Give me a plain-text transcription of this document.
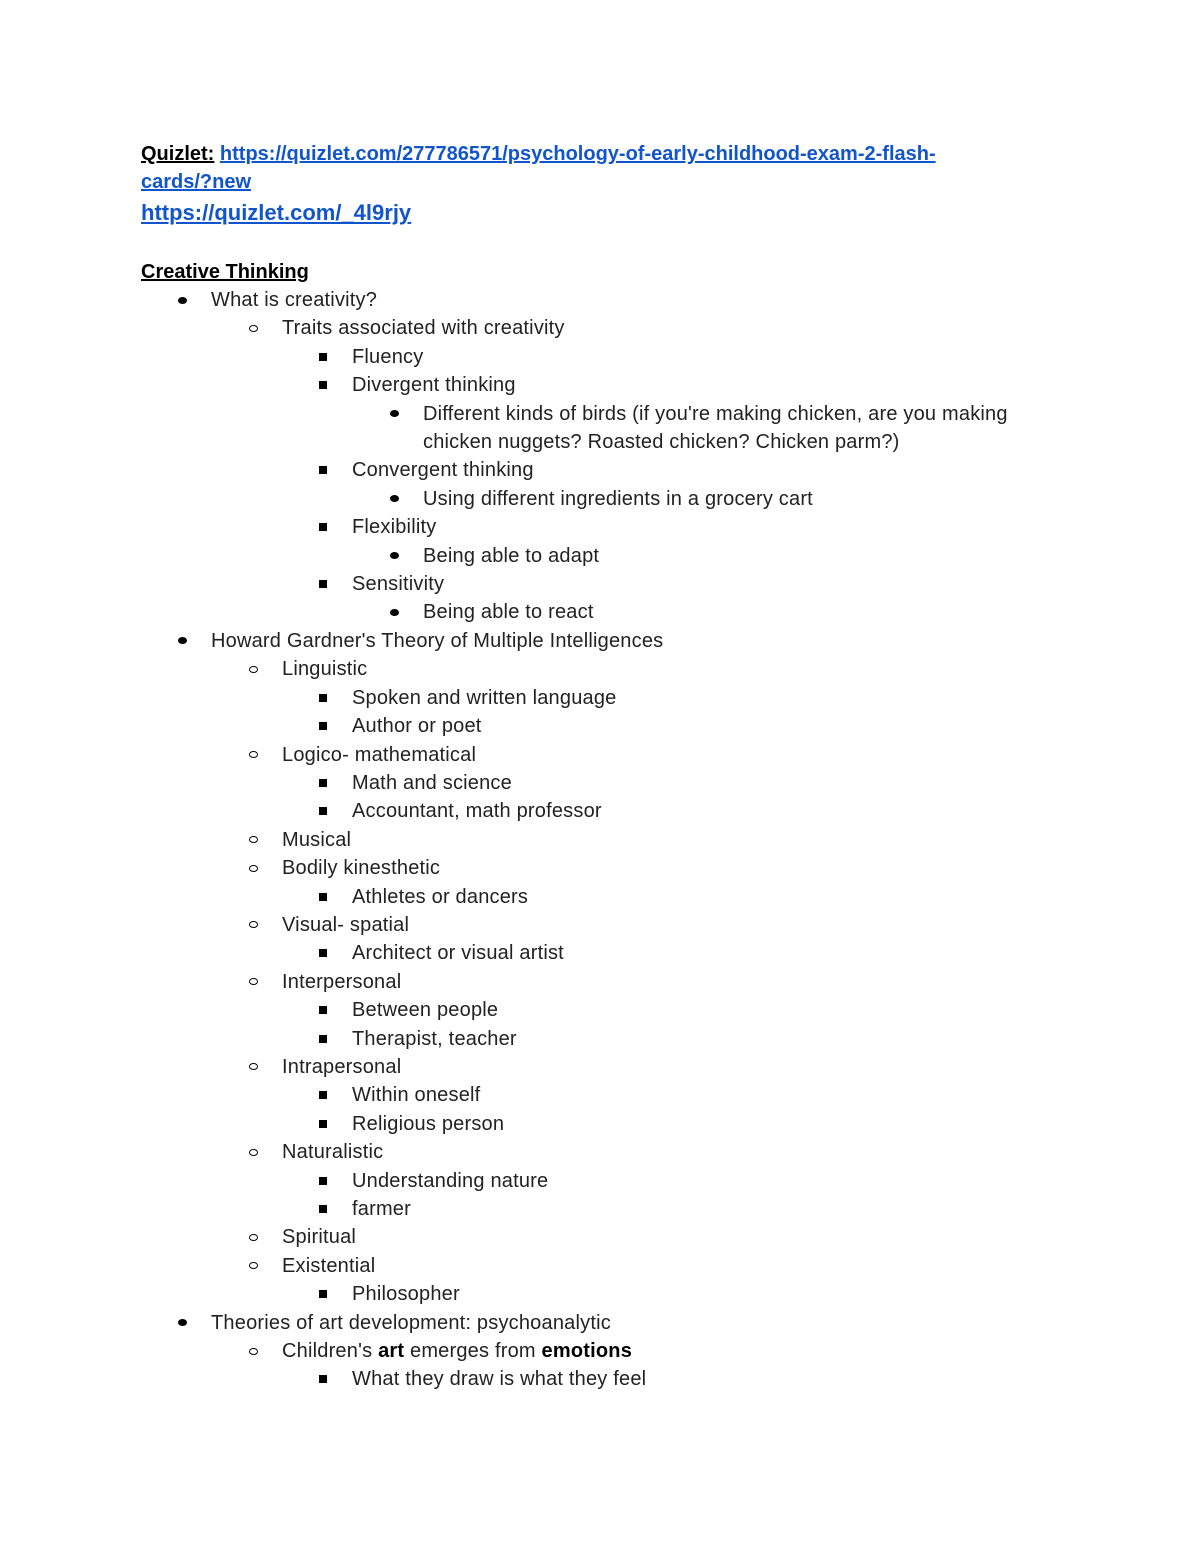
Quizlet: https://quizlet.com/277786571/psychology-of-early-childhood-exam-2-flash-
cards/?new
https://quizlet.com/_4l9rjy
Creative Thinking
What is creativity?
Traits associated with creativity
Fluency
Divergent thinking
Different kinds of birds (if you're making chicken, are you making chicken nuggets? Roasted chicken? Chicken parm?)
Convergent thinking
Using different ingredients in a grocery cart
Flexibility
Being able to adapt
Sensitivity
Being able to react
Howard Gardner's Theory of Multiple Intelligences
Linguistic
Spoken and written language
Author or poet
Logico- mathematical
Math and science
Accountant, math professor
Musical
Bodily kinesthetic
Athletes or dancers
Visual- spatial
Architect or visual artist
Interpersonal
Between people
Therapist, teacher
Intrapersonal
Within oneself
Religious person
Naturalistic
Understanding nature
farmer
Spiritual
Existential
Philosopher
Theories of art development: psychoanalytic
Children's art emerges from emotions
What they draw is what they feel
